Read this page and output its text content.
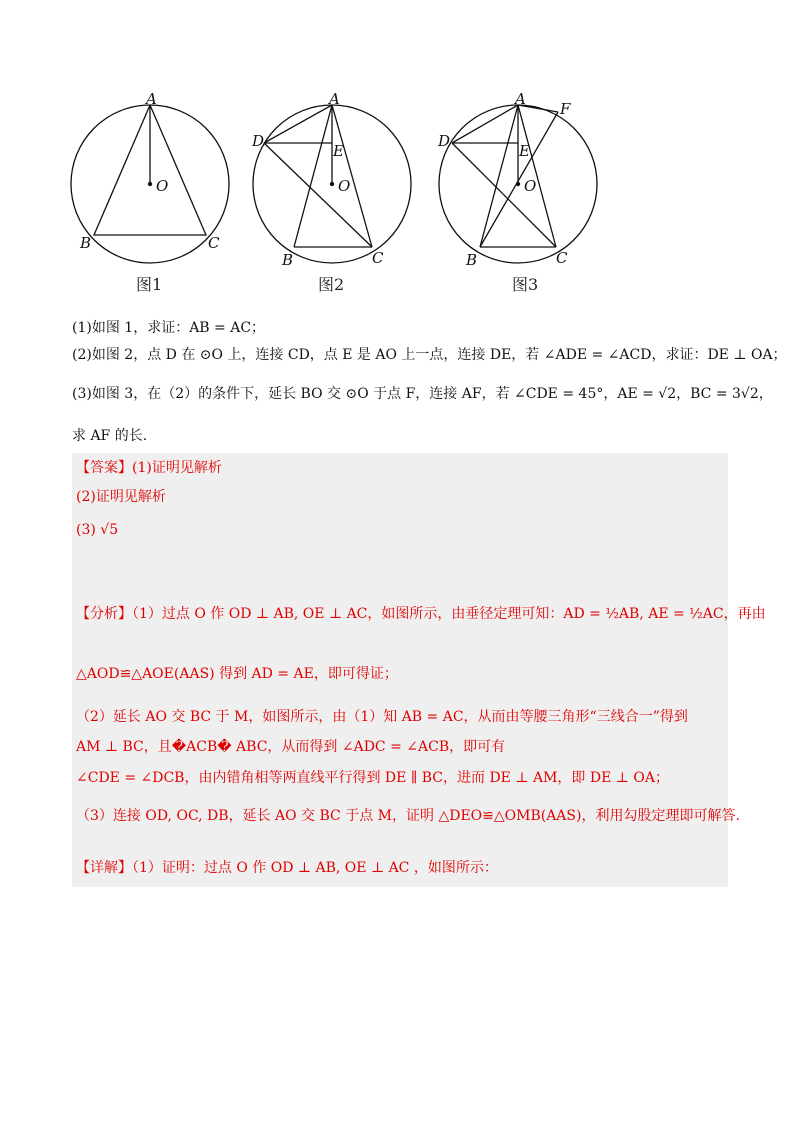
A
O
B	C
图1
A
D
E
O
B	C
图2
A
F
D
E
O
B	C
图3
(1)如图 1，求证：AB = AC；
(2)如图 2，点 D 在 ⊙O 上，连接 CD，点 E 是 AO 上一点，连接 DE，若 ∠ADE = ∠ACD，求证：DE ⊥ OA；
(3)如图 3，在（2）的条件下，延长 BO 交 ⊙O 于点 F，连接 AF，若 ∠CDE = 45°，AE = √2，BC = 3√2，
求 AF 的长.
【答案】(1)证明见解析
(2)证明见解析
(3) √5
【分析】（1）过点 O 作 OD ⊥ AB, OE ⊥ AC，如图所示，由垂径定理可知：AD = ½AB, AE = ½AC，再由
△AOD≌△AOE(AAS) 得到 AD = AE，即可得证；
（2）延长 AO 交 BC 于 M，如图所示，由（1）知 AB = AC，从而由等腰三角形“三线合一”得到
AM ⊥ BC，且�ACB� ABC，从而得到 ∠ADC = ∠ACB，即可有
∠CDE = ∠DCB，由内错角相等两直线平行得到 DE ∥ BC，进而 DE ⊥ AM，即 DE ⊥ OA；
（3）连接 OD, OC, DB，延长 AO 交 BC 于点 M，证明 △DEO≌△OMB(AAS)，利用勾股定理即可解答.
【详解】（1）证明：过点 O 作 OD ⊥ AB, OE ⊥ AC ，如图所示：
